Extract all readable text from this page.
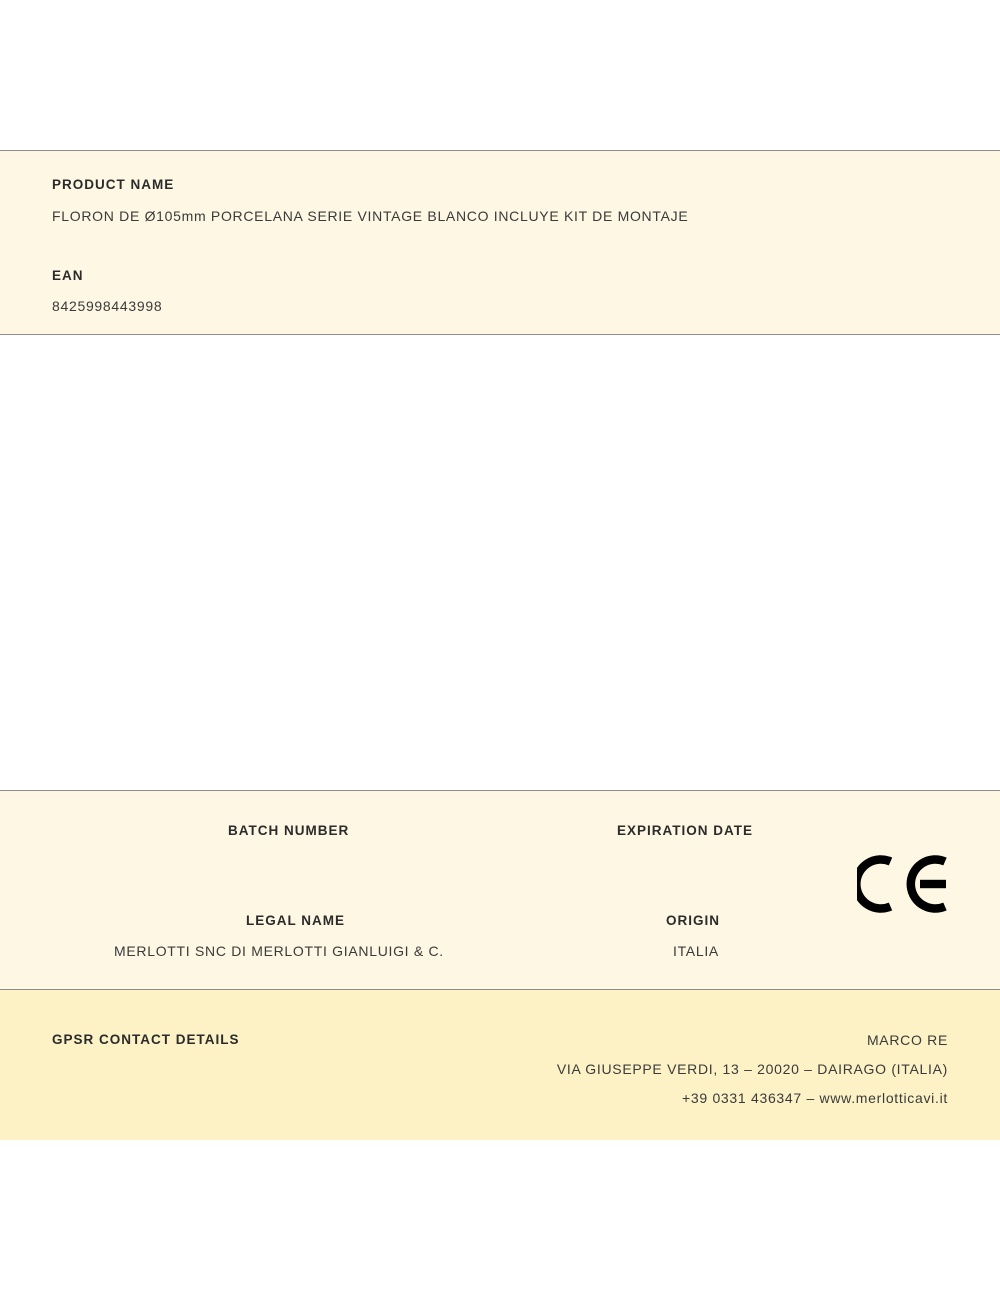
PRODUCT NAME
FLORON DE Ø105mm PORCELANA SERIE VINTAGE BLANCO INCLUYE KIT DE MONTAJE
EAN
8425998443998
BATCH NUMBER	EXPIRATION DATE
LEGAL NAME
MERLOTTI SNC DI MERLOTTI GIANLUIGI & C.
ORIGIN
ITALIA
GPSR CONTACT DETAILS	MARCO RE
VIA GIUSEPPE VERDI, 13 – 20020 – DAIRAGO (ITALIA)
+39 0331 436347 – www.merlotticavi.it
